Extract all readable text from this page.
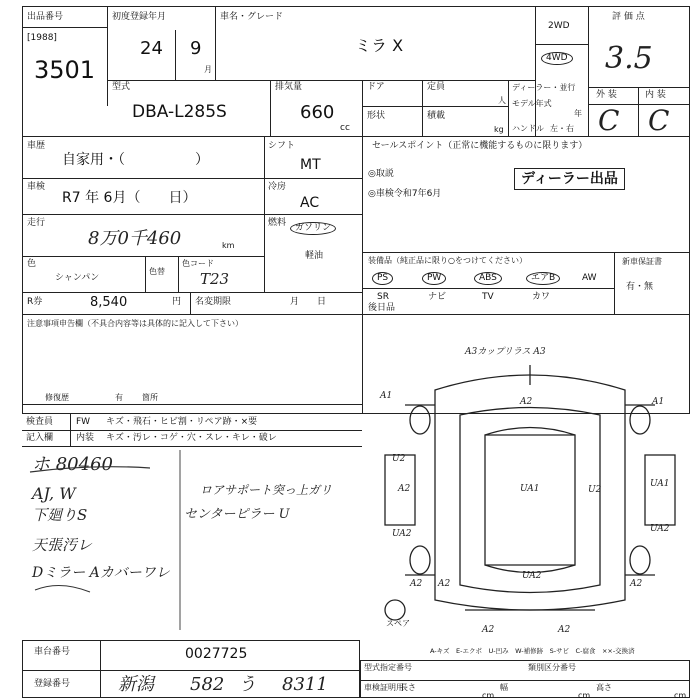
出品番号
[1988]
3501
初度登録年月
24 9
月
車名・グレード
ミラ X
2WD
4WD
評 価 点
3.5
型式
DBA-L285S
排気量
660
cc
ドア	定員
人
形状	積載
kg
ディーラー・並行
モデル年式
年
ハンドル 左・右
外 装	内 装
C C
車歴
自家用・（　　　　　）
シフト
MT
車検
R7 年 6月（　　日）
冷房
AC
走行
8万0千460	km
燃料 ガソリン
軽油
色
シャンパン
色替
色コード
T23
R券	8,540	円 名変期限	月　　日
セールスポイント（正常に機能するものに限ります）
◎取説
◎車検令和7年6月
ディーラー出品
装備品（純正品に限り○をつけてください）
PS	PW	ABS	エアB	AW
SR	ナビ	TV	カワ
新車保証書
有・無
後日品
注意事項申告欄（不具合内容等は具体的に記入して下さい）
修復歴	有 箇所
検査員
記入欄
FW キズ・飛石・ヒビ割・リペア跡・×要
内装 キズ・汚レ・コゲ・穴・スレ・キレ・破レ
ホ 80460
AJ, W
下廻りS
天張汚レ
Dミラー Aカバーワレ
ロアサポート突っ上ガリ
センターピラー U
A3カップリラス A3
A1
A2	A1
U2
UA1	U2
A2	UA1
UA2	UA2
A2 A2
UA2
A2
A2	A2
スペア
A-キズ　E-エクボ　U-凹み　W-補修跡　S-サビ　C-腐食　××-交換済
車台番号	0027725
登録番号	新潟 582 う 8311
型式指定番号	類別区分番号
車検証明用
長さ	幅	高さ
cm	cm	cm
